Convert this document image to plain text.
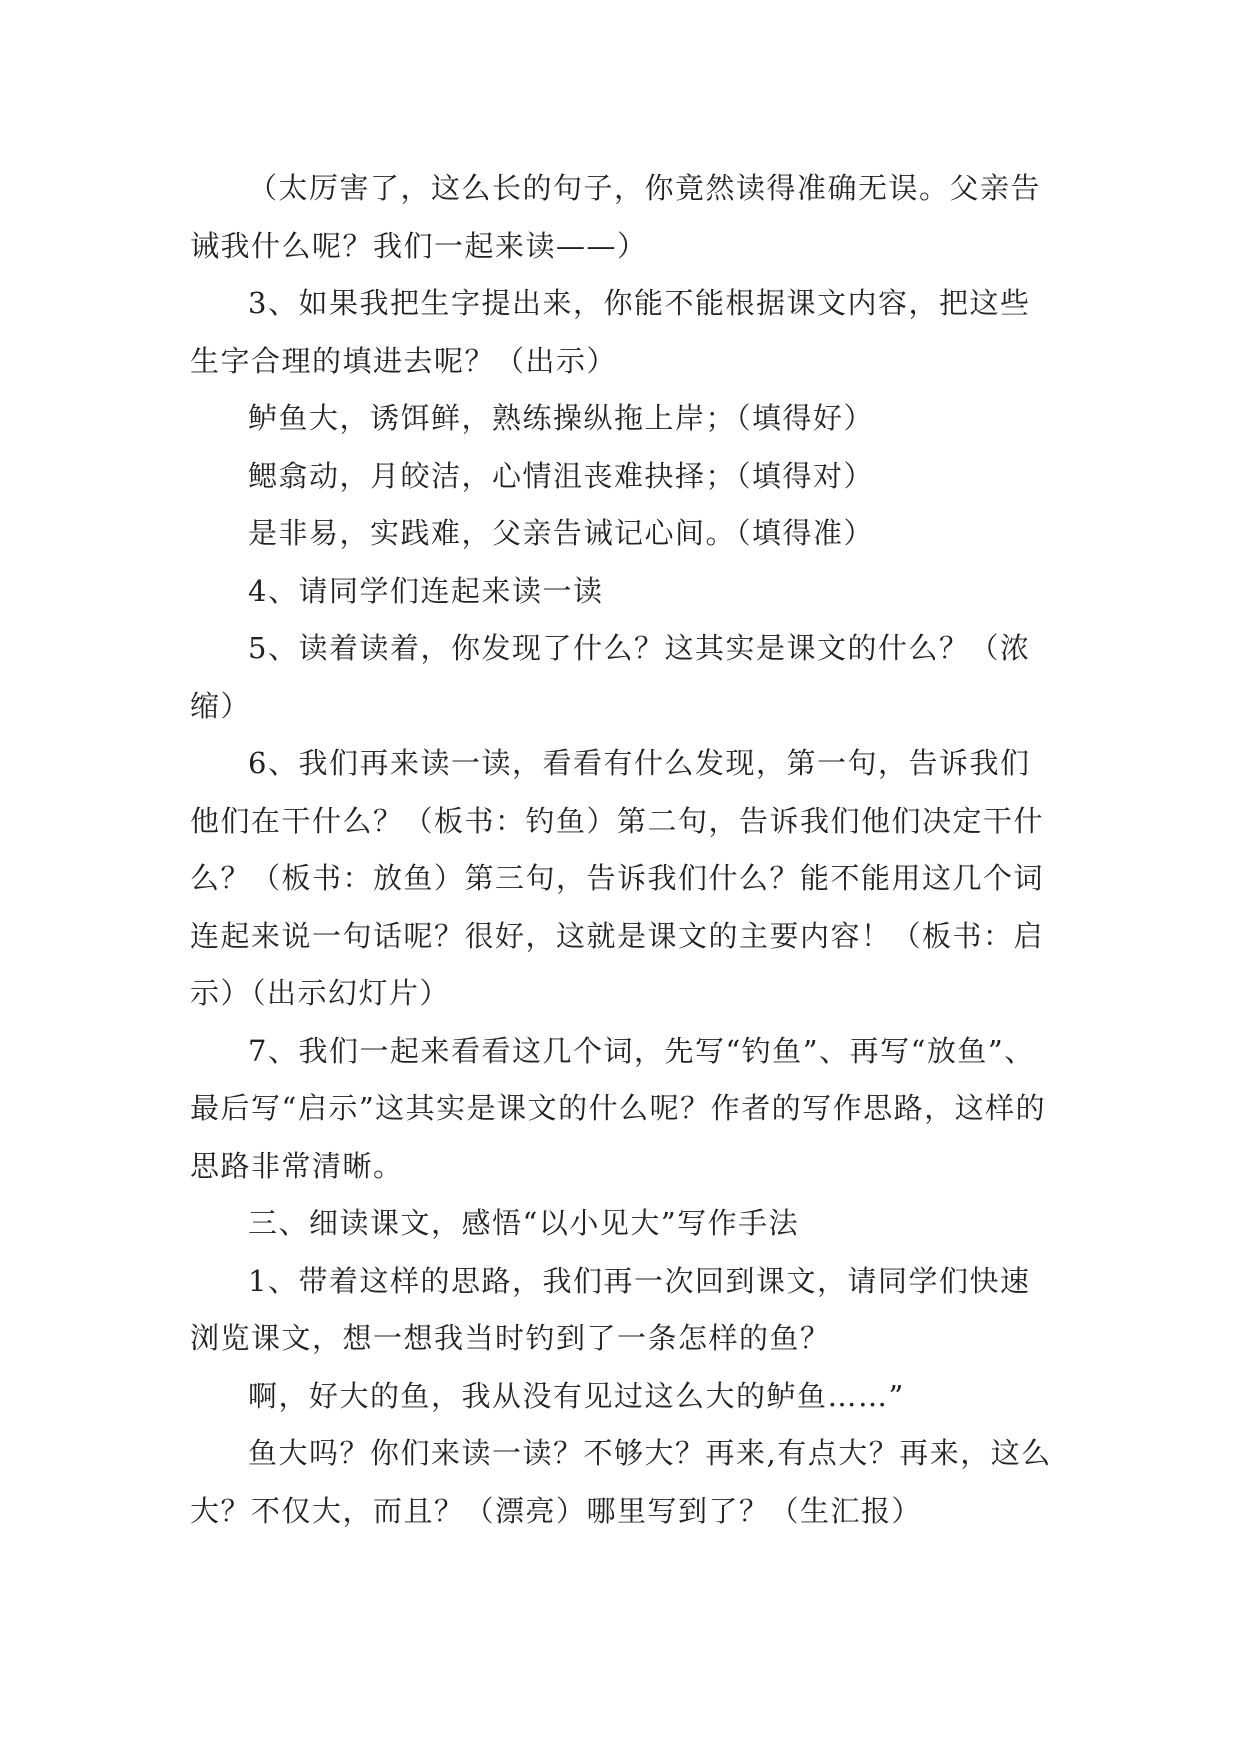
（太厉害了，这么长的句子，你竟然读得准确无误。父亲告诫我什么呢？我们一起来读——）

3、如果我把生字提出来，你能不能根据课文内容，把这些生字合理的填进去呢？（出示）

鲈鱼大，诱饵鲜，熟练操纵拖上岸；（填得好）

鳃翕动，月皎洁，心情沮丧难抉择；（填得对）

是非易，实践难，父亲告诫记心间。（填得准）

4、请同学们连起来读一读

5、读着读着，你发现了什么？这其实是课文的什么？（浓缩）

6、我们再来读一读，看看有什么发现，第一句，告诉我们他们在干什么？（板书：钓鱼）第二句，告诉我们他们决定干什么？（板书：放鱼）第三句，告诉我们什么？能不能用这几个词连起来说一句话呢？很好，这就是课文的主要内容！（板书：启示）（出示幻灯片）

7、我们一起来看看这几个词，先写“钓鱼”、再写“放鱼”、最后写“启示”这其实是课文的什么呢？作者的写作思路，这样的思路非常清晰。

三、细读课文，感悟“以小见大”写作手法

1、带着这样的思路，我们再一次回到课文，请同学们快速浏览课文，想一想我当时钓到了一条怎样的鱼？

啊，好大的鱼，我从没有见过这么大的鲈鱼……”

鱼大吗？你们来读一读？不够大？再来,有点大？再来，这么大？不仅大，而且？（漂亮）哪里写到了？（生汇报）
